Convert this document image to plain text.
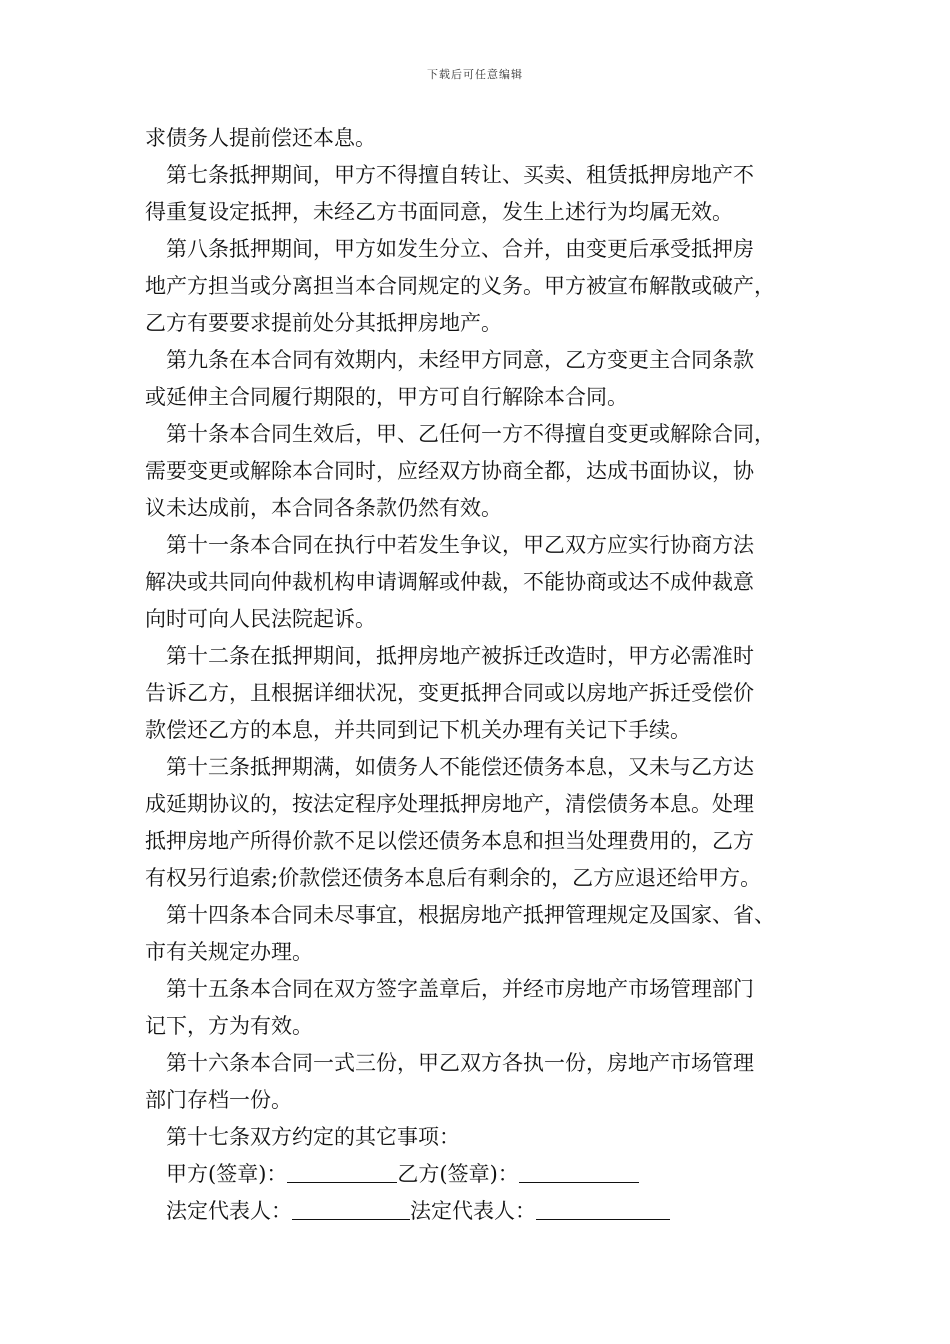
下载后可任意编辑
求债务人提前偿还本息。
第七条抵押期间，甲方不得擅自转让、买卖、租赁抵押房地产不
得重复设定抵押，未经乙方书面同意，发生上述行为均属无效。
第八条抵押期间，甲方如发生分立、合并，由变更后承受抵押房
地产方担当或分离担当本合同规定的义务。甲方被宣布解散或破产，
乙方有要要求提前处分其抵押房地产。
第九条在本合同有效期内，未经甲方同意，乙方变更主合同条款
或延伸主合同履行期限的，甲方可自行解除本合同。
第十条本合同生效后，甲、乙任何一方不得擅自变更或解除合同，
需要变更或解除本合同时，应经双方协商全都，达成书面协议，协
议未达成前，本合同各条款仍然有效。
第十一条本合同在执行中若发生争议，甲乙双方应实行协商方法
解决或共同向仲裁机构申请调解或仲裁，不能协商或达不成仲裁意
向时可向人民法院起诉。
第十二条在抵押期间，抵押房地产被拆迁改造时，甲方必需准时
告诉乙方，且根据详细状况，变更抵押合同或以房地产拆迁受偿价
款偿还乙方的本息，并共同到记下机关办理有关记下手续。
第十三条抵押期满，如债务人不能偿还债务本息，又未与乙方达
成延期协议的，按法定程序处理抵押房地产，清偿债务本息。处理
抵押房地产所得价款不足以偿还债务本息和担当处理费用的，乙方
有权另行追索;价款偿还债务本息后有剩余的，乙方应退还给甲方。
第十四条本合同未尽事宜，根据房地产抵押管理规定及国家、省、
市有关规定办理。
第十五条本合同在双方签字盖章后，并经市房地产市场管理部门
记下，方为有效。
第十六条本合同一式三份，甲乙双方各执一份，房地产市场管理
部门存档一份。
第十七条双方约定的其它事项：
甲方(签章)：	乙方(签章)：
法定代表人：	法定代表人：
